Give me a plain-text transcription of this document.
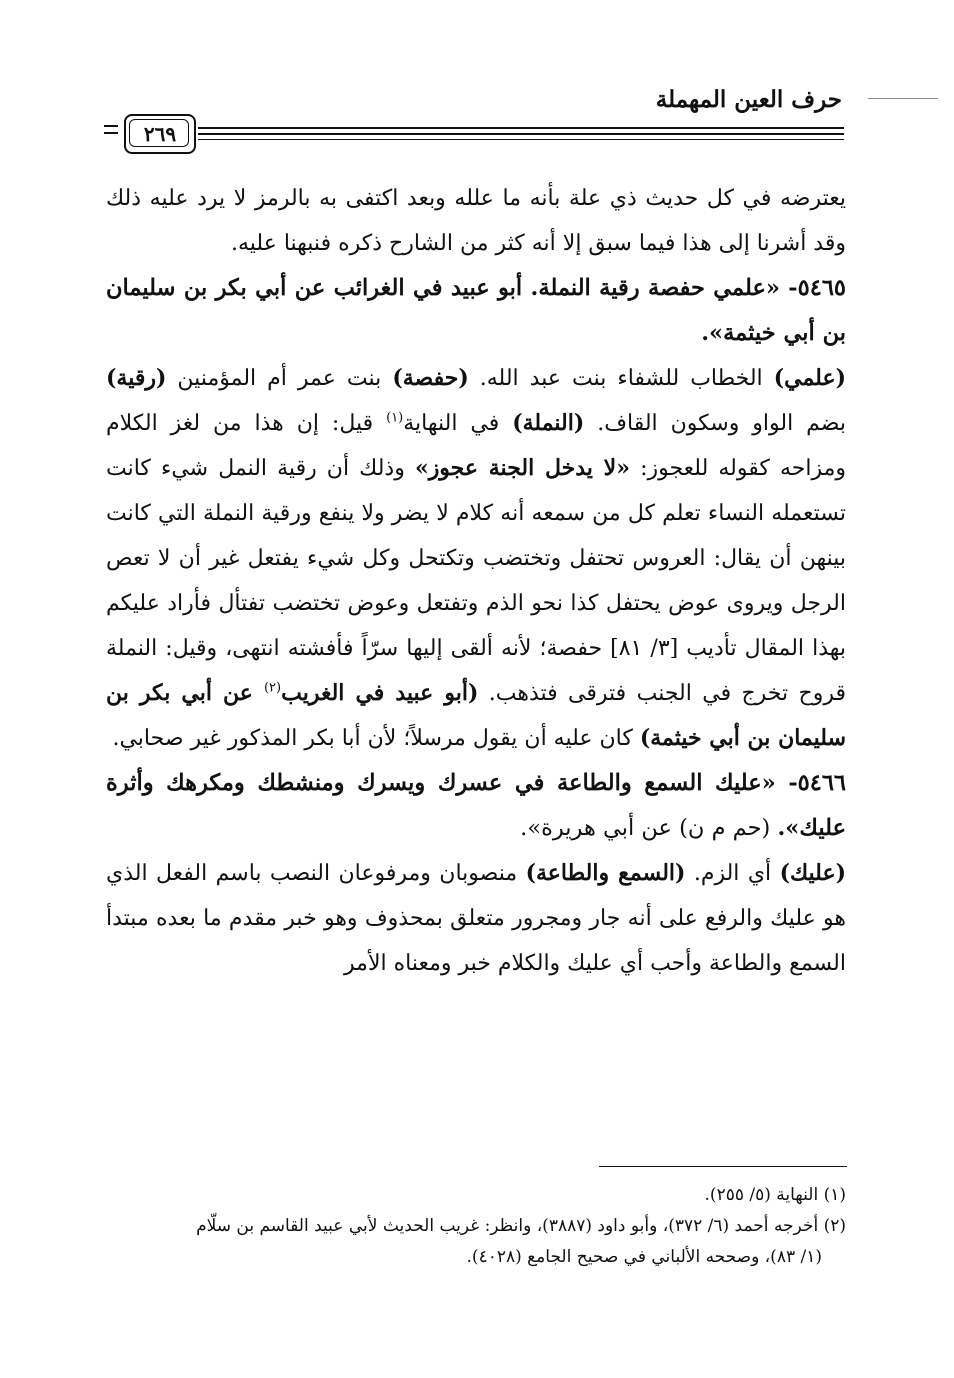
حرف العين المهملة
٢٦٩

يعترضه في كل حديث ذي علة بأنه ما علله وبعد اكتفى به بالرمز لا يرد عليه ذلك وقد أشرنا إلى هذا فيما سبق إلا أنه كثر من الشارح ذكره فنبهنا عليه.

٥٤٦٥- «علمي حفصة رقية النملة. أبو عبيد في الغرائب عن أبي بكر بن سليمان بن أبي خيثمة».

(علمي) الخطاب للشفاء بنت عبد الله. (حفصة) بنت عمر أم المؤمنين (رقية) بضم الواو وسكون القاف. (النملة) في النهاية$^{(١)}$ قيل: إن هذا من لغز الكلام ومزاحه كقوله للعجوز: «لا يدخل الجنة عجوز» وذلك أن رقية النمل شيء كانت تستعمله النساء تعلم كل من سمعه أنه كلام لا يضر ولا ينفع ورقية النملة التي كانت بينهن أن يقال: العروس تحتفل وتختضب وتكتحل وكل شيء يفتعل غير أن لا تعص الرجل ويروى عوض يحتفل كذا نحو الذم وتفتعل وعوض تختضب تفتأل فأراد عليكم بهذا المقال تأديب [٣/ ٨١] حفصة؛ لأنه ألقى إليها سرّاً فأفشته انتهى، وقيل: النملة قروح تخرج في الجنب فترقى فتذهب. (أبو عبيد في الغريب$^{(٢)}$ عن أبي بكر بن سليمان بن أبي خيثمة) كان عليه أن يقول مرسلاً؛ لأن أبا بكر المذكور غير صحابي.

٥٤٦٦- «عليك السمع والطاعة في عسرك ويسرك ومنشطك ومكرهك وأثرة عليك». (حم م ن) عن أبي هريرة».

(عليك) أي الزم. (السمع والطاعة) منصوبان ومرفوعان النصب باسم الفعل الذي هو عليك والرفع على أنه جار ومجرور متعلق بمحذوف وهو خبر مقدم ما بعده مبتدأ السمع والطاعة وأحب أي عليك والكلام خبر ومعناه الأمر

(١) النهاية (٥/ ٢٥٥).

(٢) أخرجه أحمد (٦/ ٣٧٢)، وأبو داود (٣٨٨٧)، وانظر: غريب الحديث لأبي عبيد القاسم بن سلّام

(١/ ٨٣)، وصححه الألباني في صحيح الجامع (٤٠٢٨).
